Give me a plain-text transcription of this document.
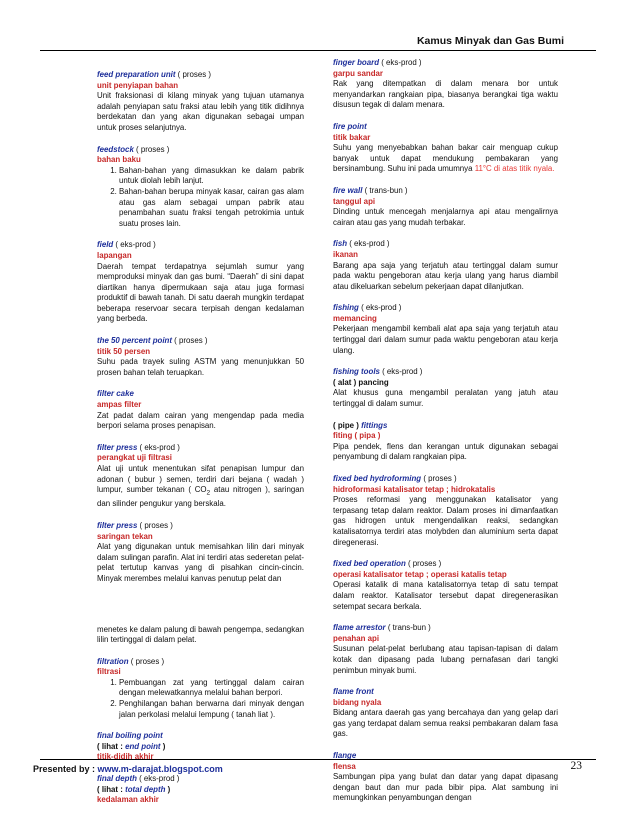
Kamus Minyak dan Gas Bumi
feed preparation unit ( proses )
unit penyiapan bahan
Unit fraksionasi di kilang minyak yang tujuan utamanya adalah penyiapan satu fraksi atau lebih yang titik didihnya berdekatan dan yang akan digunakan sebagai umpan untuk proses selanjutnya.
feedstock ( proses )
bahan baku
1. Bahan-bahan yang dimasukkan ke dalam pabrik untuk diolah lebih lanjut.
2. Bahan-bahan berupa minyak kasar, cairan gas alam atau gas alam sebagai umpan pabrik atau penambahan suatu fraksi tengah petrokimia untuk suatu proses lain.
field ( eks-prod )
lapangan
Daerah tempat terdapatnya sejumlah sumur yang memproduksi minyak dan gas bumi. “Daerah” di sini dapat diartikan hanya dipermukaan saja atau juga formasi produktif di bawah tanah. Di satu daerah mungkin terdapat beberapa reservoar secara terpisah dengan kedalaman yang berbeda.
the 50 percent point ( proses )
titik 50 persen
Suhu pada trayek suling ASTM yang menunjukkan 50 prosen bahan telah teruapkan.
filter cake
ampas filter
Zat padat dalam cairan yang mengendap pada media berpori selama proses penapisan.
filter press ( eks-prod )
perangkat uji filtrasi
Alat uji untuk menentukan sifat penapisan lumpur dan adonan ( bubur ) semen, terdiri dari bejana ( wadah ) lumpur, sumber tekanan ( $CO_2$ atau nitrogen ), saringan dan silinder pengukur yang berskala.
filter press ( proses )
saringan tekan
Alat yang digunakan untuk memisahkan lilin dari minyak dalam sulingan parafin. Alat ini terdiri atas sederetan pelat-pelat tertutup kanvas yang di pisahkan cincin-cincin. Minyak merembes melalui kanvas penutup pelat dan
menetes ke dalam palung di bawah pengempa, sedangkan lilin tertinggal di dalam pelat.
filtration ( proses )
filtrasi
1. Pembuangan zat yang tertinggal dalam cairan dengan melewatkannya melalui bahan berpori.
2. Penghilangan bahan berwarna dari minyak dengan jalan perkolasi melalui lempung ( tanah liat ).
final boiling point
( lihat : end point )
titik-didih akhir
final depth ( eks-prod )
( lihat : total depth )
kedalaman akhir
finger board ( eks-prod )
garpu sandar
Rak yang ditempatkan di dalam menara bor untuk menyandarkan rangkaian pipa, biasanya berangkai tiga waktu disusun tegak di dalam menara.
fire point
titik bakar
Suhu yang menyebabkan bahan bakar cair menguap cukup banyak untuk dapat mendukung pembakaran yang bersinambung. Suhu ini pada umumnya 11°C di atas titik nyala.
fire wall ( trans-bun )
tanggul api
Dinding untuk mencegah menjalarnya api atau mengalirnya cairan atau gas yang mudah terbakar.
fish ( eks-prod )
ikanan
Barang apa saja yang terjatuh atau tertinggal dalam sumur pada waktu pengeboran atau kerja ulang yang harus diambil atau dikeluarkan sebelum pekerjaan dapat dilanjutkan.
fishing ( eks-prod )
memancing
Pekerjaan mengambil kembali alat apa saja yang terjatuh atau tertinggal dari dalam sumur pada waktu pengeboran atau kerja ulang.
fishing tools ( eks-prod )
( alat ) pancing
Alat khusus guna mengambil peralatan yang jatuh atau tertinggal di dalam sumur.
( pipe ) fittings
fiting ( pipa )
Pipa pendek, flens dan kerangan untuk digunakan sebagai penyambung di dalam rangkaian pipa.
fixed bed hydroforming ( proses )
hidroformasi katalisator tetap ; hidrokatalis
Proses reformasi yang menggunakan katalisator yang terpasang tetap dalam reaktor. Dalam proses ini dimanfaatkan gas hidrogen untuk mengendalikan reaksi, sedangkan katalisatornya terdiri atas molybden dan aluminium serta dapat diregenerasi.
fixed bed operation ( proses )
operasi katalisator tetap ; operasi katalis tetap
Operasi katalik di mana katalisatornya tetap di satu tempat dalam reaktor. Katalisator tersebut dapat diregenerasikan setempat secara berkala.
flame arrestor ( trans-bun )
penahan api
Susunan pelat-pelat berlubang atau tapisan-tapisan di dalam kotak dan dipasang pada lubang pernafasan dari tangki penimbun minyak bumi.
flame front
bidang nyala
Bidang antara daerah gas yang bercahaya dan yang gelap dari gas yang terdapat dalam semua reaksi pembakaran dalam fasa gas.
flange
flensa
Sambungan pipa yang bulat dan datar yang dapat dipasang dengan baut dan mur pada bibir pipa. Alat sambung ini memungkinkan penyambungan dengan
Presented by : www.m-darajat.blogspot.com	23
